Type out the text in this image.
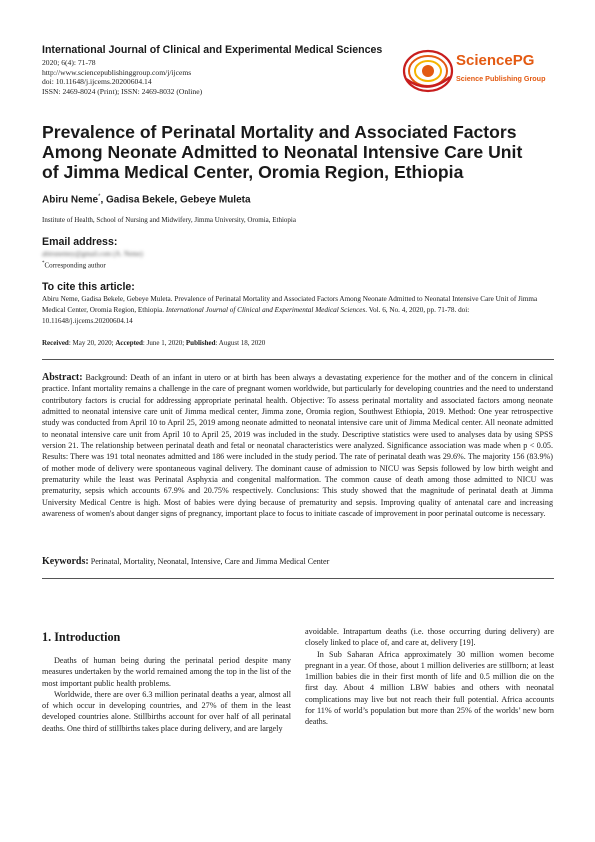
International Journal of Clinical and Experimental Medical Sciences
2020; 6(4): 71-78
http://www.sciencepublishinggroup.com/j/ijcems
doi: 10.11648/j.ijcems.20200604.14
ISSN: 2469-8024 (Print); ISSN: 2469-8032 (Online)
SciencePG
Science Publishing Group
Prevalence of Perinatal Mortality and Associated Factors Among Neonate Admitted to Neonatal Intensive Care Unit of Jimma Medical Center, Oromia Region, Ethiopia
Abiru Neme*, Gadisa Bekele, Gebeye Muleta
Institute of Health, School of Nursing and Midwifery, Jimma University, Oromia, Ethiopia
Email address:
abirunemey@gmail.com (A. Neme)
*Corresponding author
To cite this article:
Abiru Neme, Gadisa Bekele, Gebeye Muleta. Prevalence of Perinatal Mortality and Associated Factors Among Neonate Admitted to Neonatal Intensive Care Unit of Jimma Medical Center, Oromia Region, Ethiopia. International Journal of Clinical and Experimental Medical Sciences. Vol. 6, No. 4, 2020, pp. 71-78. doi: 10.11648/j.ijcems.20200604.14
Received: May 20, 2020; Accepted: June 1, 2020; Published: August 18, 2020
Abstract: Background: Death of an infant in utero or at birth has been always a devastating experience for the mother and of the concern in clinical practice. Infant mortality remains a challenge in the care of pregnant women worldwide, but particularly for developing countries and the need to understand contributory factors is crucial for addressing appropriate perinatal health. Objective: To assess perinatal mortality and associated factors among neonate admitted to neonatal intensive care unit of Jimma medical center, Jimma zone, Oromia region, Southwest Ethiopia, 2019. Method: One year retrospective study was conducted from April 10 to April 25, 2019 among neonate admitted to neonatal intensive care unit of Jimma Medical center. All neonate admitted to neonatal intensive care unit from April 10 to April 25, 2019 was included in the study. Descriptive statistics were used to analyses data by using SPSS version 21. The relationship between perinatal death and fetal or neonatal characteristics were analyzed. Significance association was made when p < 0.05. Results: There was 191 total neonates admitted and 186 were included in the study period. The rate of perinatal death was 29.6%. The majority 156 (83.9%) of mother mode of delivery were spontaneous vaginal delivery. The dominant cause of admission to NICU was Sepsis followed by low birth weight and prematurity while the least was Perinatal Asphyxia and congenital malformation. The common cause of death among those admitted to NICU was prematurity, sepsis which accounts 67.9% and 20.75% respectively. Conclusions: This study showed that the magnitude of perinatal death at Jimma University Medical Centre is high. Most of babies were dying because of prematurity and sepsis. Improving quality of antenatal care and increasing awareness of women's about danger signs of pregnancy, important place to focus to initiate cascade of improvement in poor perinatal outcome is necessary.
Keywords: Perinatal, Mortality, Neonatal, Intensive, Care and Jimma Medical Center
1. Introduction

Deaths of human being during the perinatal period despite many measures undertaken by the world remained among the top in the list of the most important public health problems.

Worldwide, there are over 6.3 million perinatal deaths a year, almost all of which occur in developing countries, and 27% of them in the least developed countries alone. Stillbirths account for over half of all perinatal deaths. One third of stillbirths takes place during delivery, and are largely

avoidable. Intrapartum deaths (i.e. those occurring during delivery) are closely linked to place of, and care at, delivery [19].

In Sub Saharan Africa approximately 30 million women become pregnant in a year. Of those, about 1 million deliveries are stillborn; at least 1million babies die in their first month of life and 0.5 million die on the first day. About 4 million LBW babies and others with neonatal complications may live but not reach their full potential. Africa accounts for 11% of world’s population but more than 25% of the worlds’ new born deaths.
